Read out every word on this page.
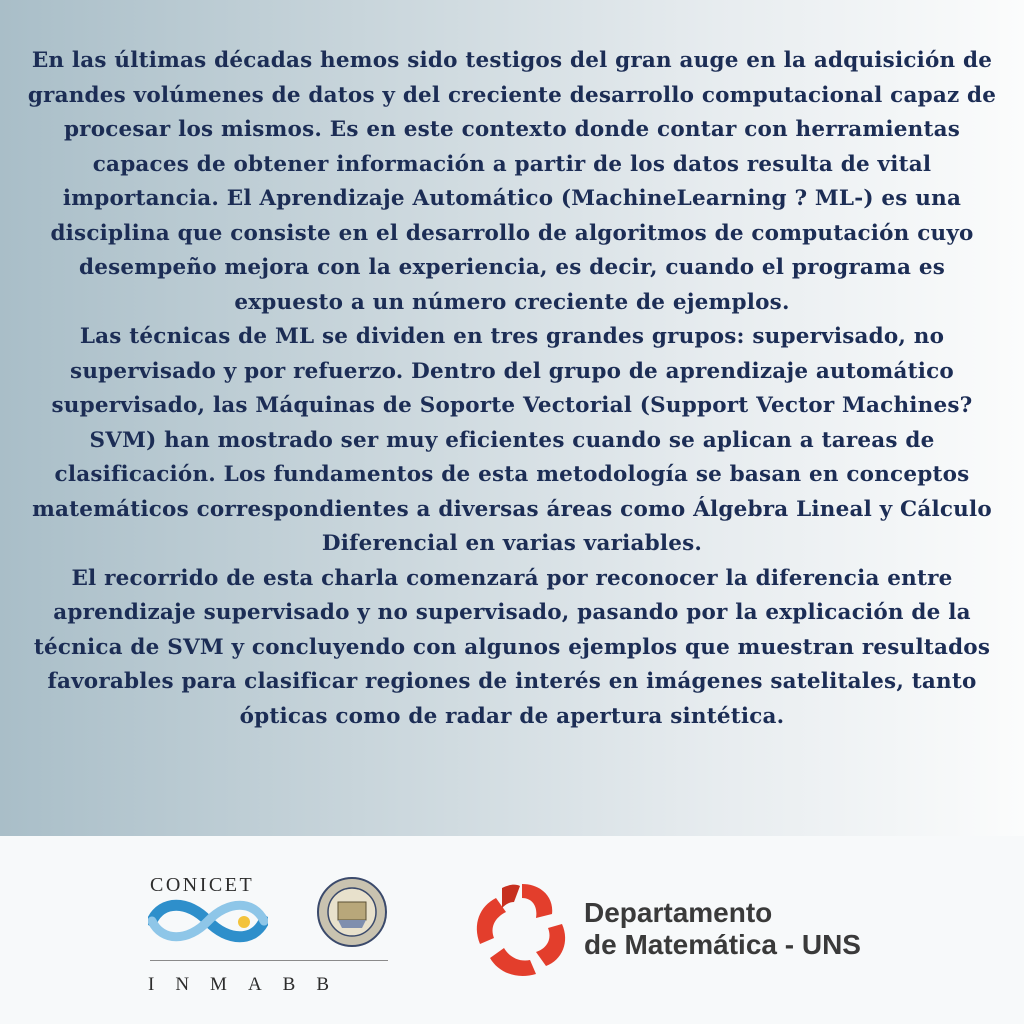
En las últimas décadas hemos sido testigos del gran auge en la adquisición de grandes volúmenes de datos y del creciente desarrollo computacional capaz de procesar los mismos. Es en este contexto donde contar con herramientas capaces de obtener información a partir de los datos resulta de vital importancia. El Aprendizaje Automático (MachineLearning ? ML-) es una disciplina que consiste en el desarrollo de algoritmos de computación cuyo desempeño mejora con la experiencia, es decir, cuando el programa es expuesto a un número creciente de ejemplos.

Las técnicas de ML se dividen en tres grandes grupos: supervisado, no supervisado y por refuerzo. Dentro del grupo de aprendizaje automático supervisado, las Máquinas de Soporte Vectorial (Support Vector Machines? SVM) han mostrado ser muy eficientes cuando se aplican a tareas de clasificación. Los fundamentos de esta metodología se basan en conceptos matemáticos correspondientes a diversas áreas como Álgebra Lineal y Cálculo Diferencial en varias variables.

El recorrido de esta charla comenzará por reconocer la diferencia entre aprendizaje supervisado y no supervisado, pasando por la explicación de la técnica de SVM y concluyendo con algunos ejemplos que muestran resultados favorables para clasificar regiones de interés en imágenes satelitales, tanto ópticas como de radar de apertura sintética.

CONICET
INMABB
Departamento
de Matemática - UNS
